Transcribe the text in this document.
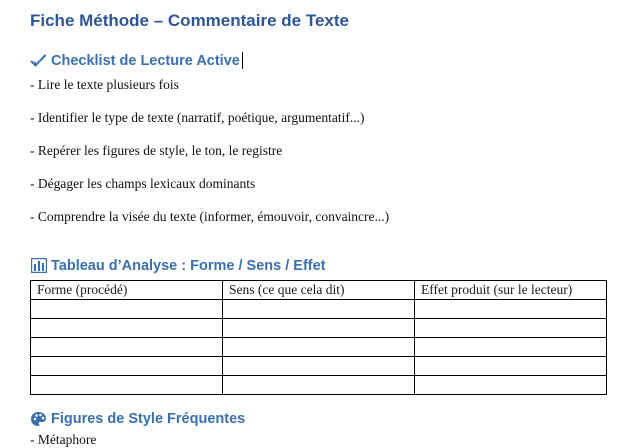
Fiche Méthode – Commentaire de Texte
Checklist de Lecture Active
- Lire le texte plusieurs fois
- Identifier le type de texte (narratif, poétique, argumentatif...)
- Repérer les figures de style, le ton, le registre
- Dégager les champs lexicaux dominants
- Comprendre la visée du texte (informer, émouvoir, convaincre...)
Tableau d’Analyse : Forme / Sens / Effet
Forme (procédé)	Sens (ce que cela dit)	Effet produit (sur le lecteur)

Figures de Style Fréquentes
- Métaphore
